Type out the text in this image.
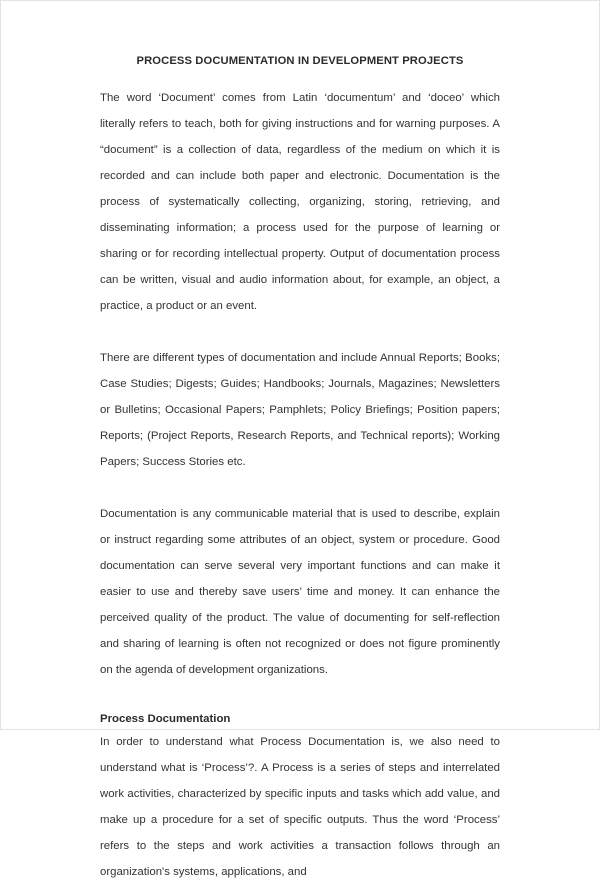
PROCESS DOCUMENTATION IN DEVELOPMENT PROJECTS

The word ‘Document’ comes from Latin ‘documentum’ and ‘doceo’ which literally refers to teach, both for giving instructions and for warning purposes. A “document” is a collection of data, regardless of the medium on which it is recorded and can include both paper and electronic. Documentation is the process of systematically collecting, organizing, storing, retrieving, and disseminating information; a process used for the purpose of learning or sharing or for recording intellectual property. Output of documentation process can be written, visual and audio information about, for example, an object, a practice, a product or an event.

There are different types of documentation and include Annual Reports; Books; Case Studies; Digests; Guides; Handbooks; Journals, Magazines; Newsletters or Bulletins; Occasional Papers; Pamphlets; Policy Briefings; Position papers; Reports; (Project Reports, Research Reports, and Technical reports); Working Papers; Success Stories etc.

Documentation is any communicable material that is used to describe, explain or instruct regarding some attributes of an object, system or procedure. Good documentation can serve several very important functions and can make it easier to use and thereby save users’ time and money. It can enhance the perceived quality of the product. The value of documenting for self-reflection and sharing of learning is often not recognized or does not figure prominently on the agenda of development organizations.

Process Documentation

In order to understand what Process Documentation is, we also need to understand what is ‘Process’?. A Process is a series of steps and interrelated work activities, characterized by specific inputs and tasks which add value, and make up a procedure for a set of specific outputs. Thus the word ‘Process’ refers to the steps and work activities a transaction follows through an organization's systems, applications, and
